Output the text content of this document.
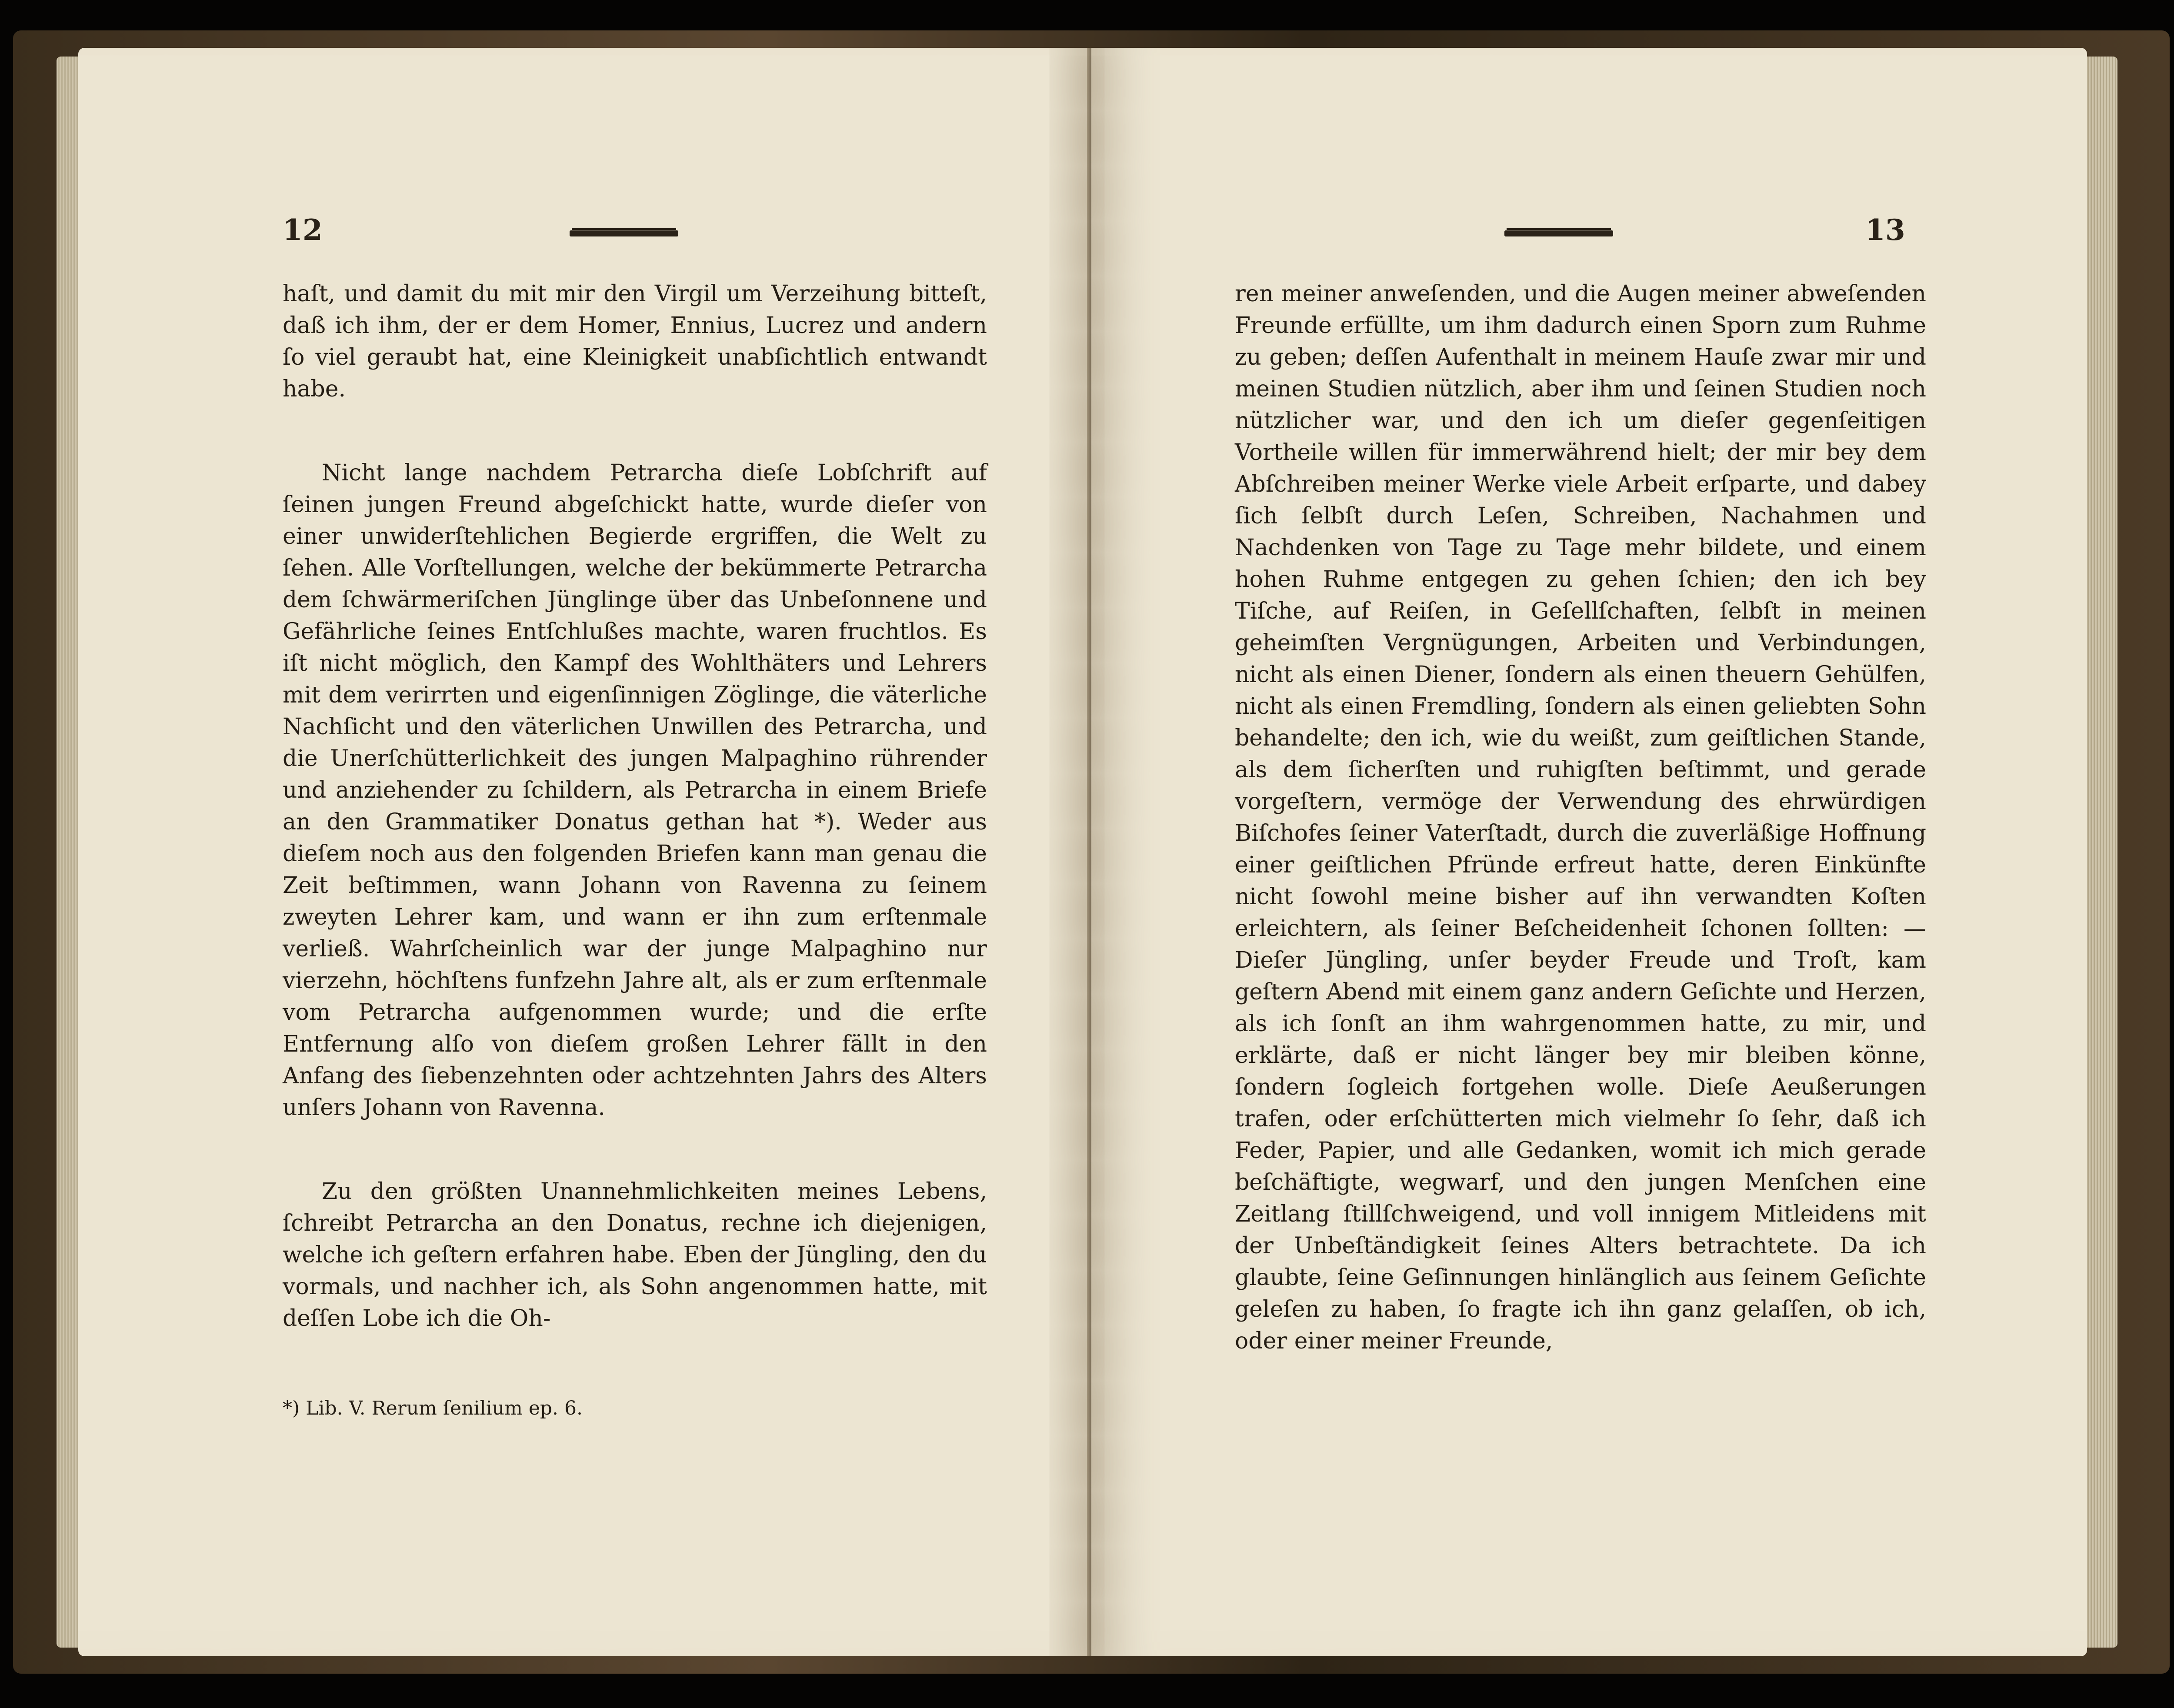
12

haſt, und damit du mit mir den Virgil um Verzeihung bitteſt, daß ich ihm, der er dem Homer, Ennius, Lucrez und andern ſo viel geraubt hat, eine Kleinigkeit unabſichtlich entwandt habe.

Nicht lange nachdem Petrarcha dieſe Lobſchrift auf ſeinen jungen Freund abgeſchickt hatte, wurde dieſer von einer unwiderſtehlichen Begierde ergriffen, die Welt zu ſehen. Alle Vorſtellungen, welche der bekümmerte Petrarcha dem ſchwärmeriſchen Jünglinge über das Unbeſonnene und Gefährliche ſeines Entſchlußes machte, waren fruchtlos. Es iſt nicht möglich, den Kampf des Wohlthäters und Lehrers mit dem verirrten und eigenſinnigen Zöglinge, die väterliche Nachſicht und den väterlichen Unwillen des Petrarcha, und die Unerſchütterlichkeit des jungen Malpaghino rührender und anziehender zu ſchildern, als Petrarcha in einem Briefe an den Grammatiker Donatus gethan hat *). Weder aus dieſem noch aus den folgenden Briefen kann man genau die Zeit beſtimmen, wann Johann von Ravenna zu ſeinem zweyten Lehrer kam, und wann er ihn zum erſtenmale verließ. Wahrſcheinlich war der junge Malpaghino nur vierzehn, höchſtens funfzehn Jahre alt, als er zum erſtenmale vom Petrarcha aufgenommen wurde; und die erſte Entfernung alſo von dieſem großen Lehrer fällt in den Anfang des ſiebenzehnten oder achtzehnten Jahrs des Alters unſers Johann von Ravenna.

Zu den größten Unannehmlichkeiten meines Lebens, ſchreibt Petrarcha an den Donatus, rechne ich diejenigen, welche ich geſtern erfahren habe. Eben der Jüngling, den du vormals, und nachher ich, als Sohn angenommen hatte, mit deſſen Lobe ich die Oh-

*) Lib. V. Rerum ſenilium ep. 6.
13

ren meiner anweſenden, und die Augen meiner abweſenden Freunde erfüllte, um ihm dadurch einen Sporn zum Ruhme zu geben; deſſen Aufenthalt in meinem Hauſe zwar mir und meinen Studien nützlich, aber ihm und ſeinen Studien noch nützlicher war, und den ich um dieſer gegenſeitigen Vortheile willen für immerwährend hielt; der mir bey dem Abſchreiben meiner Werke viele Arbeit erſparte, und dabey ſich ſelbſt durch Leſen, Schreiben, Nachahmen und Nachdenken von Tage zu Tage mehr bildete, und einem hohen Ruhme entgegen zu gehen ſchien; den ich bey Tiſche, auf Reiſen, in Geſellſchaften, ſelbſt in meinen geheimſten Vergnügungen, Arbeiten und Verbindungen, nicht als einen Diener, ſondern als einen theuern Gehülfen, nicht als einen Fremdling, ſondern als einen geliebten Sohn behandelte; den ich, wie du weißt, zum geiſtlichen Stande, als dem ſicherſten und ruhigſten beſtimmt, und gerade vorgeſtern, vermöge der Verwendung des ehrwürdigen Biſchofes ſeiner Vaterſtadt, durch die zuverläßige Hoffnung einer geiſtlichen Pfründe erfreut hatte, deren Einkünfte nicht ſowohl meine bisher auf ihn verwandten Koſten erleichtern, als ſeiner Beſcheidenheit ſchonen ſollten: — Dieſer Jüngling, unſer beyder Freude und Troſt, kam geſtern Abend mit einem ganz andern Geſichte und Herzen, als ich ſonſt an ihm wahrgenommen hatte, zu mir, und erklärte, daß er nicht länger bey mir bleiben könne, ſondern ſogleich fortgehen wolle. Dieſe Aeußerungen trafen, oder erſchütterten mich vielmehr ſo ſehr, daß ich Feder, Papier, und alle Gedanken, womit ich mich gerade beſchäftigte, wegwarf, und den jungen Menſchen eine Zeitlang ſtillſchweigend, und voll innigem Mitleidens mit der Unbeſtändigkeit ſeines Alters betrachtete. Da ich glaubte, ſeine Geſinnungen hinlänglich aus ſeinem Geſichte geleſen zu haben, ſo fragte ich ihn ganz gelaſſen, ob ich, oder einer meiner Freunde,
